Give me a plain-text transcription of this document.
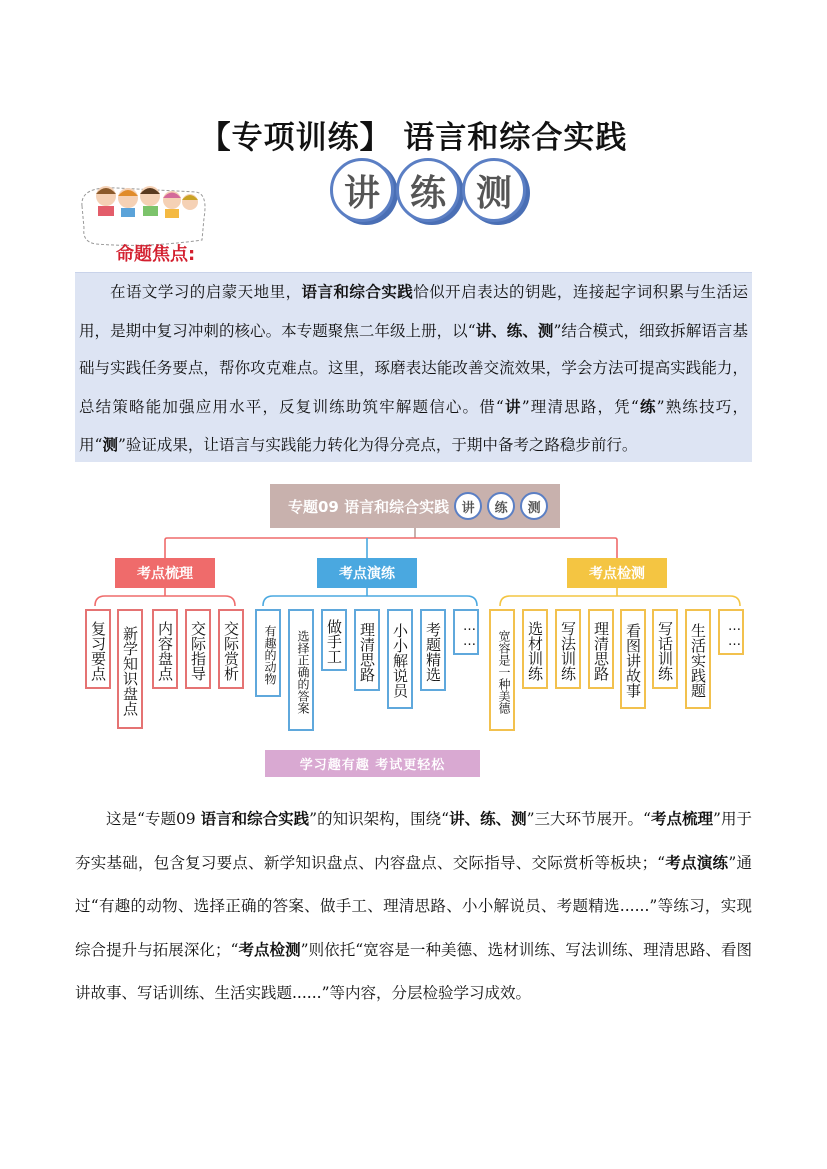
【专项训练】 语言和综合实践
讲 练 测
命题焦点:

在语文学习的启蒙天地里，语言和综合实践恰似开启表达的钥匙，连接起字词积累与生活运用，是期中复习冲刺的核心。本专题聚焦二年级上册，以“讲、练、测”结合模式，细致拆解语言基础与实践任务要点，帮你攻克难点。这里，琢磨表达能改善交流效果，学会方法可提高实践能力，总结策略能加强应用水平，反复训练助筑牢解题信心。借“讲”理清思路，凭“练”熟练技巧，用“测”验证成果，让语言与实践能力转化为得分亮点，于期中备考之路稳步前行。

专题09 语言和综合实践 讲	练	测
考点梳理	考点演练	考点检测
复习要点 新学知识盘点 内容盘点 交际指导 交际赏析	有趣的动物	选择正确的答案 做手工 理清思路 小小解说员 考题精选	……	宽容是一种美德 选材训练 写法训练 理清思路 看图讲故事 写话训练 生活实践题	……
学习趣有趣 考试更轻松

这是“专题09 语言和综合实践”的知识架构，围绕“讲、练、测”三大环节展开。“考点梳理”用于夯实基础，包含复习要点、新学知识盘点、内容盘点、交际指导、交际赏析等板块；“考点演练”通过“有趣的动物、选择正确的答案、做手工、理清思路、小小解说员、考题精选......”等练习，实现综合提升与拓展深化；“考点检测”则依托“宽容是一种美德、选材训练、写法训练、理清思路、看图讲故事、写话训练、生活实践题......”等内容，分层检验学习成效。
